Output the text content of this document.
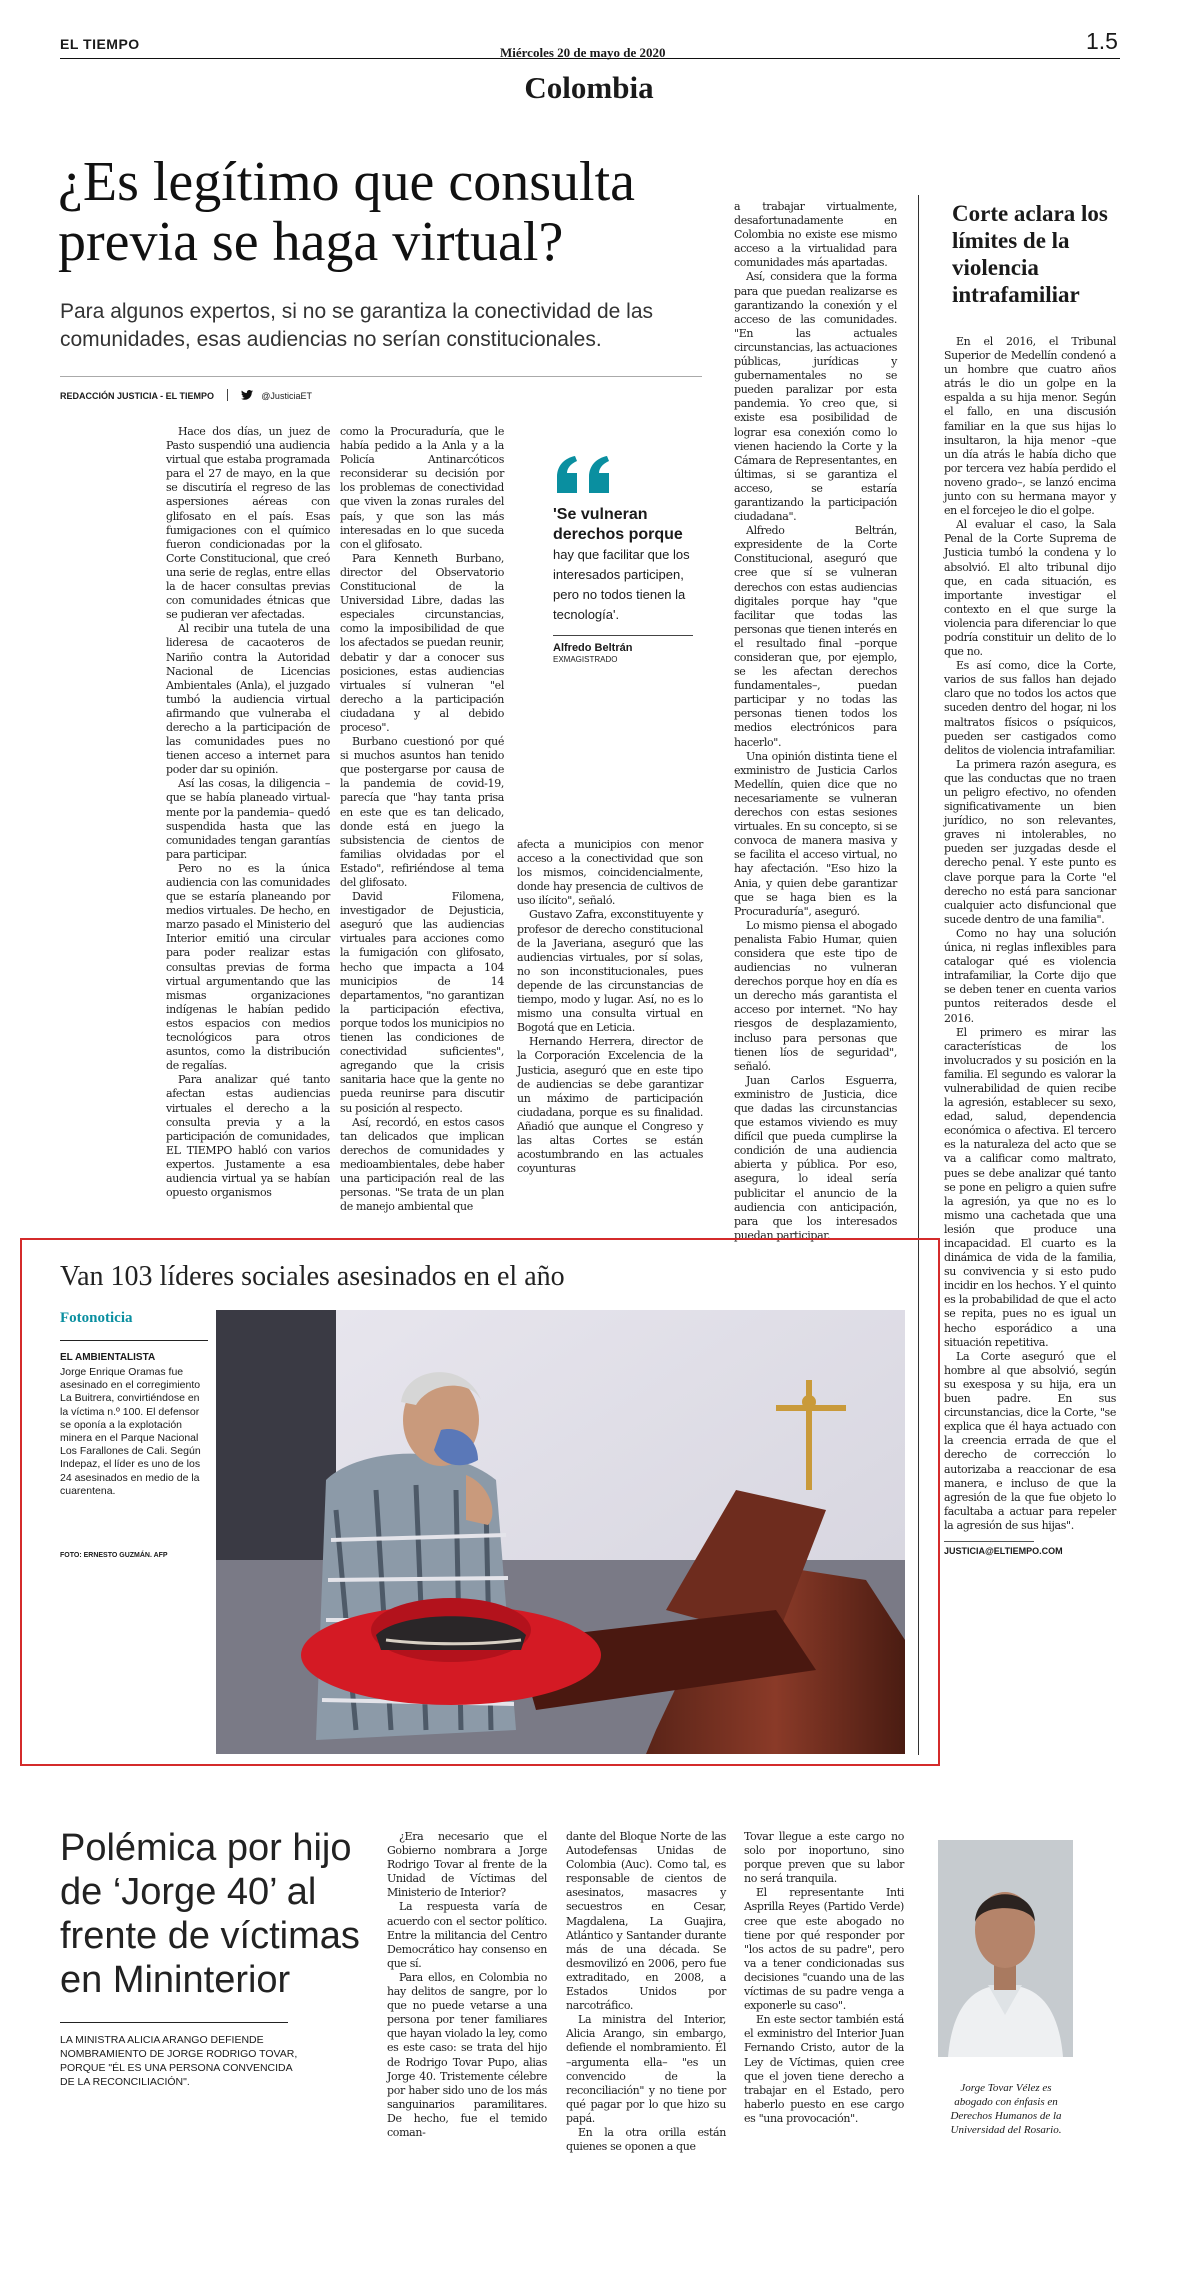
EL TIEMPO
Miércoles 20 de mayo de 2020	1.5
Colombia
¿Es legítimo que consulta previa se haga virtual?
Para algunos expertos, si no se garantiza la conectividad de las comunidades, esas audiencias no serían constitucionales.
REDACCIÓN JUSTICIA - EL TIEMPO	@JusticiaET

Hace dos días, un juez de Pasto suspendió una audiencia virtual que estaba programada para el 27 de mayo, en la que se discutiría el regreso de las aspersiones aéreas con glifosato en el país. Esas fumigaciones con el químico fueron condicionadas por la Corte Constitucional, que creó una serie de reglas, entre ellas la de hacer consultas previas con comunidades étnicas que se pudieran ver afectadas.

Al recibir una tutela de una lideresa de cacaoteros de Nariño contra la Autoridad Nacional de Licencias Ambientales (Anla), el juzgado tumbó la audiencia virtual afirmando que vulneraba el derecho a la participación de las comunidades pues no tienen acceso a internet para poder dar su opinión.

Así las cosas, la diligencia –que se había planeado virtual- mente por la pandemia– quedó suspendida hasta que las comunidades tengan garantías para participar.

Pero no es la única audiencia con las comunidades que se estaría planeando por medios virtuales. De hecho, en marzo pasado el Ministerio del Interior emitió una circular para poder realizar estas consultas previas de forma virtual argumentando que las mismas organizaciones indígenas le habían pedido estos espacios con medios tecnológicos para otros asuntos, como la distribución de regalías.

Para analizar qué tanto afectan estas audiencias virtuales el derecho a la consulta previa y a la participación de comunidades, EL TIEMPO habló con varios expertos. Justamente a esa audiencia virtual ya se habían opuesto organismos

como la Procuraduría, que le había pedido a la Anla y a la Policía Antinarcóticos reconsiderar su decisión por los problemas de conectividad que viven la zonas rurales del país, y que son las más interesadas en lo que suceda con el glifosato.

Para Kenneth Burbano, director del Observatorio Constitucional de la Universidad Libre, dadas las especiales circunstancias, como la imposibilidad de que los afectados se puedan reunir, debatir y dar a conocer sus posiciones, estas audiencias virtuales sí vulneran "el derecho a la participación ciudadana y al debido proceso".

Burbano cuestionó por qué si muchos asuntos han tenido que postergarse por causa de la pandemia de covid-19, parecía que "hay tanta prisa en este que es tan delicado, donde está en juego la subsistencia de cientos de familias olvidadas por el Estado", refiriéndose al tema del glifosato.

David Filomena, investigador de Dejusticia, aseguró que las audiencias virtuales para acciones como la fumigación con glifosato, hecho que impacta a 104 municipios de 14 departamentos, "no garantizan la participación efectiva, porque todos los municipios no tienen las condiciones de conectividad suficientes", agregando que la crisis sanitaria hace que la gente no pueda reunirse para discutir su posición al respecto.

Así, recordó, en estos casos tan delicados que implican derechos de comunidades y medioambientales, debe haber una participación real de las personas. "Se trata de un plan de manejo ambiental que

'Se vulneran derechos porque hay que facilitar que los interesados participen, pero no todos tienen la tecnología'.
Alfredo Beltrán
EXMAGISTRADO

afecta a municipios con menor acceso a la conectividad que son los mismos, coincidencialmente, donde hay presencia de cultivos de uso ilícito", señaló.

Gustavo Zafra, exconstituyente y profesor de derecho constitucional de la Javeriana, aseguró que las audiencias virtuales, por sí solas, no son inconstitucionales, pues depende de las circunstancias de tiempo, modo y lugar. Así, no es lo mismo una consulta virtual en Bogotá que en Leticia.

Hernando Herrera, director de la Corporación Excelencia de la Justicia, aseguró que en este tipo de audiencias se debe garantizar un máximo de participación ciudadana, porque es su finalidad. Añadió que aunque el Congreso y las altas Cortes se están acostumbrando en las actuales coyunturas

a trabajar virtualmente, desafortunadamente en Colombia no existe ese mismo acceso a la virtualidad para comunidades más apartadas.

Así, considera que la forma para que puedan realizarse es garantizando la conexión y el acceso de las comunidades. "En las actuales circunstancias, las actuaciones públicas, jurídicas y gubernamentales no se pueden paralizar por esta pandemia. Yo creo que, si existe esa posibilidad de lograr esa conexión como lo vienen haciendo la Corte y la Cámara de Representantes, en últimas, si se garantiza el acceso, se estaría garantizando la participación ciudadana".

Alfredo Beltrán, expresidente de la Corte Constitucional, aseguró que cree que sí se vulneran derechos con estas audiencias digitales porque hay "que facilitar que todas las personas que tienen interés en el resultado final –porque consideran que, por ejemplo, se les afectan derechos fundamentales–, puedan participar y no todas las personas tienen todos los medios electrónicos para hacerlo".

Una opinión distinta tiene el exministro de Justicia Carlos Medellín, quien dice que no necesariamente se vulneran derechos con estas sesiones virtuales. En su concepto, si se convoca de manera masiva y se facilita el acceso virtual, no hay afectación. "Eso hizo la Ania, y quien debe garantizar que se haga bien es la Procuraduría", aseguró.

Lo mismo piensa el abogado penalista Fabio Humar, quien considera que este tipo de audiencias no vulneran derechos porque hoy en día es un derecho más garantista el acceso por internet. "No hay riesgos de desplazamiento, incluso para personas que tienen líos de seguridad", señaló.

Juan Carlos Esguerra, exministro de Justicia, dice que dadas las circunstancias que estamos viviendo es muy difícil que pueda cumplirse la condición de una audiencia abierta y pública. Por eso, asegura, lo ideal sería publicitar el anuncio de la audiencia con anticipación, para que los interesados puedan participar.

Corte aclara los límites de la violencia intrafamiliar

En el 2016, el Tribunal Superior de Medellín condenó a un hombre que cuatro años atrás le dio un golpe en la espalda a su hija menor. Según el fallo, en una discusión familiar en la que sus hijas lo insultaron, la hija menor –que un día atrás le había dicho que por tercera vez había perdido el noveno grado–, se lanzó encima junto con su hermana mayor y en el forcejeo le dio el golpe.

Al evaluar el caso, la Sala Penal de la Corte Suprema de Justicia tumbó la condena y lo absolvió. El alto tribunal dijo que, en cada situación, es importante investigar el contexto en el que surge la violencia para diferenciar lo que podría constituir un delito de lo que no.

Es así como, dice la Corte, varios de sus fallos han dejado claro que no todos los actos que suceden dentro del hogar, ni los maltratos físicos o psíquicos, pueden ser castigados como delitos de violencia intrafamiliar.

La primera razón asegura, es que las conductas que no traen un peligro efectivo, no ofenden significativamente un bien jurídico, no son relevantes, graves ni intolerables, no pueden ser juzgadas desde el derecho penal. Y este punto es clave porque para la Corte "el derecho no está para sancionar cualquier acto disfuncional que sucede dentro de una familia".

Como no hay una solución única, ni reglas inflexibles para catalogar qué es violencia intrafamiliar, la Corte dijo que se deben tener en cuenta varios puntos reiterados desde el 2016.

El primero es mirar las características de los involucrados y su posición en la familia. El segundo es valorar la vulnerabilidad de quien recibe la agresión, establecer su sexo, edad, salud, dependencia económica o afectiva. El tercero es la naturaleza del acto que se va a calificar como maltrato, pues se debe analizar qué tanto se pone en peligro a quien sufre la agresión, ya que no es lo mismo una cachetada que una lesión que produce una incapacidad. El cuarto es la dinámica de vida de la familia, su convivencia y si esto pudo incidir en los hechos. Y el quinto es la probabilidad de que el acto se repita, pues no es igual un hecho esporádico a una situación repetitiva.

La Corte aseguró que el hombre al que absolvió, según su exesposa y su hija, era un buen padre. En sus circunstancias, dice la Corte, "se explica que él haya actuado con la creencia errada de que el derecho de corrección lo autorizaba a reaccionar de esa manera, e incluso de que la agresión de la que fue objeto lo facultaba a actuar para repeler la agresión de sus hijas".

JUSTICIA@ELTIEMPO.COM
Van 103 líderes sociales asesinados en el año
Fotonoticia
EL AMBIENTALISTA
Jorge Enrique Oramas fue asesinado en el corregimiento La Buitrera, convirtiéndose en la víctima n.º 100. El defensor se oponía a la explotación minera en el Parque Nacional Los Farallones de Cali. Según Indepaz, el líder es uno de los 24 asesinados en medio de la cuarentena.
FOTO: ERNESTO GUZMÁN. AFP
Polémica por hijo de ‘Jorge 40’ al frente de víctimas en Mininterior
LA MINISTRA ALICIA ARANGO DEFIENDE NOMBRAMIENTO DE JORGE RODRIGO TOVAR, PORQUE "ÉL ES UNA PERSONA CONVENCIDA DE LA RECONCILIACIÓN".

¿Era necesario que el Gobierno nombrara a Jorge Rodrigo Tovar al frente de la Unidad de Víctimas del Ministerio de Interior?

La respuesta varía de acuerdo con el sector político. Entre la militancia del Centro Democrático hay consenso en que sí.

Para ellos, en Colombia no hay delitos de sangre, por lo que no puede vetarse a una persona por tener familiares que hayan violado la ley, como es este caso: se trata del hijo de Rodrigo Tovar Pupo, alias Jorge 40. Tristemente célebre por haber sido uno de los más sanguinarios paramilitares. De hecho, fue el temido coman-

dante del Bloque Norte de las Autodefensas Unidas de Colombia (Auc). Como tal, es responsable de cientos de asesinatos, masacres y secuestros en Cesar, Magdalena, La Guajira, Atlántico y Santander durante más de una década. Se desmovilizó en 2006, pero fue extraditado, en 2008, a Estados Unidos por narcotráfico.

La ministra del Interior, Alicia Arango, sin embargo, defiende el nombramiento. Él –argumenta ella– "es un convencido de la reconciliación" y no tiene por qué pagar por lo que hizo su papá.

En la otra orilla están quienes se oponen a que

Tovar llegue a este cargo no solo por inoportuno, sino porque preven que su labor no será tranquila.

El representante Inti Asprilla Reyes (Partido Verde) cree que este abogado no tiene por qué responder por "los actos de su padre", pero va a tener condicionadas sus decisiones "cuando una de las víctimas de su padre venga a exponerle su caso".

En este sector también está el exministro del Interior Juan Fernando Cristo, autor de la Ley de Víctimas, quien cree que el joven tiene derecho a trabajar en el Estado, pero haberlo puesto en ese cargo es "una provocación".

Jorge Tovar Vélez es abogado con énfasis en Derechos Humanos de la Universidad del Rosario.
